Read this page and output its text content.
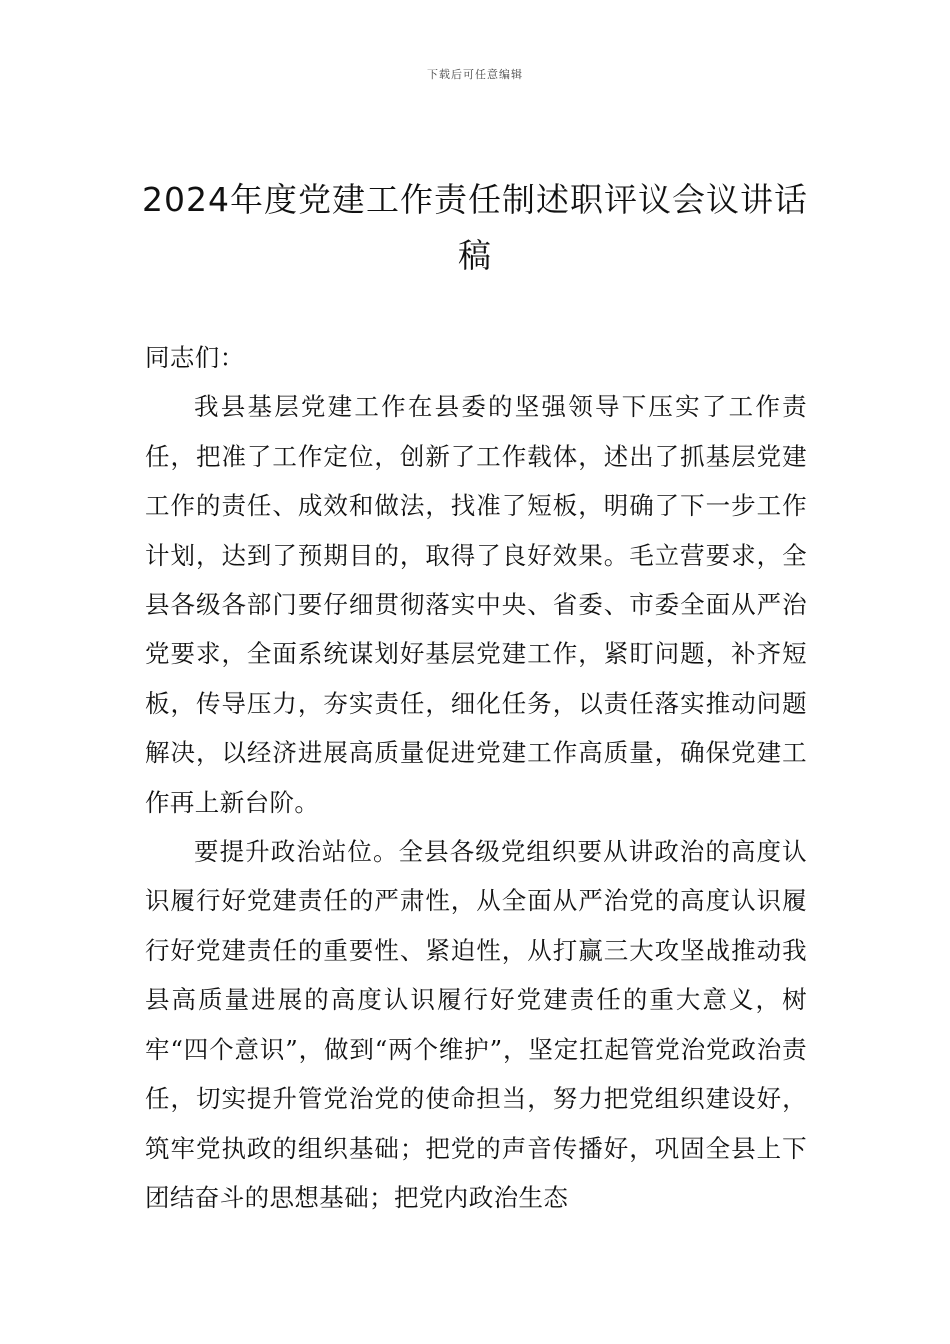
下载后可任意编辑
2024年度党建工作责任制述职评议会议讲话稿

同志们：

我县基层党建工作在县委的坚强领导下压实了工作责任，把准了工作定位，创新了工作载体，述出了抓基层党建工作的责任、成效和做法，找准了短板，明确了下一步工作计划，达到了预期目的，取得了良好效果。毛立营要求，全县各级各部门要仔细贯彻落实中央、省委、市委全面从严治党要求，全面系统谋划好基层党建工作，紧盯问题，补齐短板，传导压力，夯实责任，细化任务，以责任落实推动问题解决，以经济进展高质量促进党建工作高质量，确保党建工作再上新台阶。

要提升政治站位。全县各级党组织要从讲政治的高度认识履行好党建责任的严肃性，从全面从严治党的高度认识履行好党建责任的重要性、紧迫性，从打赢三大攻坚战推动我县高质量进展的高度认识履行好党建责任的重大意义，树牢“四个意识”，做到“两个维护”，坚定扛起管党治党政治责任，切实提升管党治党的使命担当，努力把党组织建设好，筑牢党执政的组织基础；把党的声音传播好，巩固全县上下团结奋斗的思想基础；把党内政治生态
